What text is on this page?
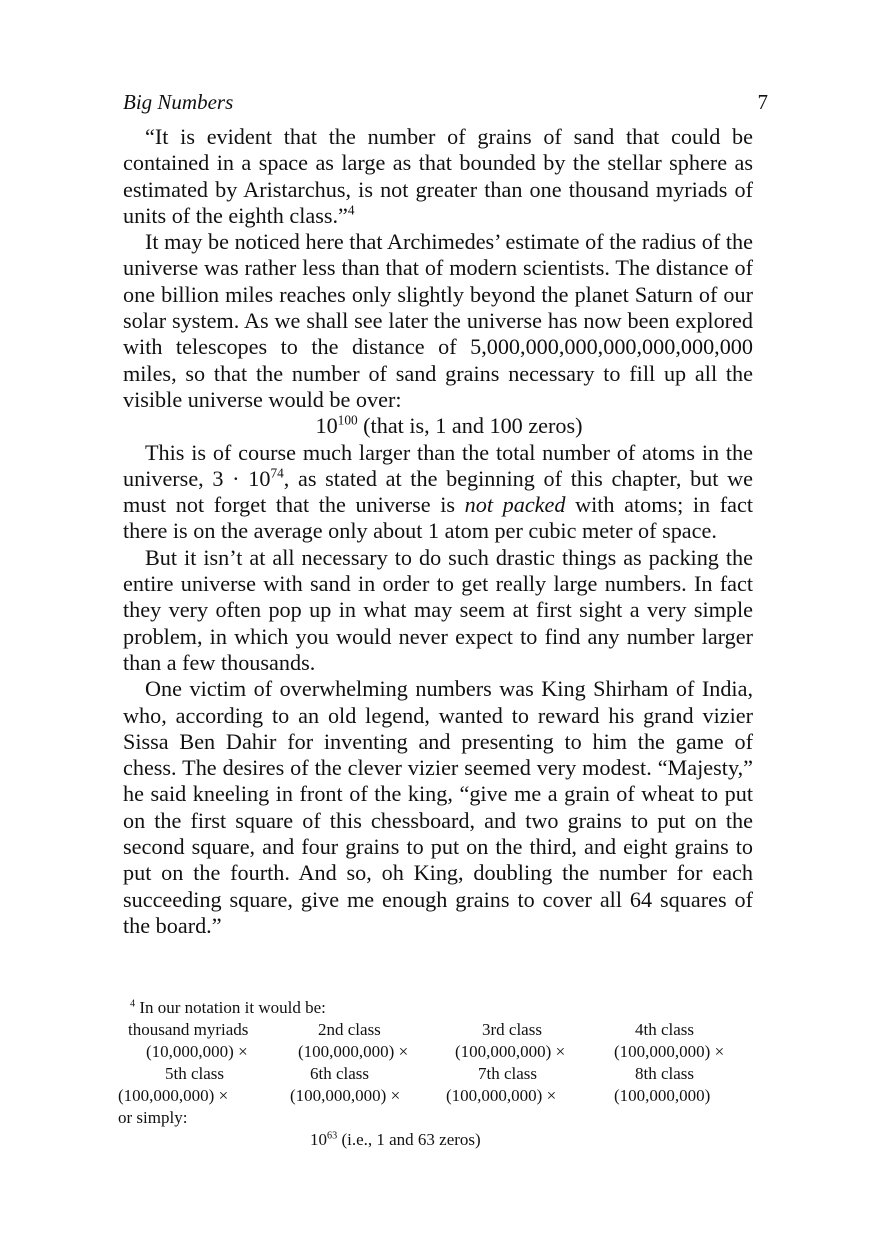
Big Numbers	7

“It is evident that the number of grains of sand that could be contained in a space as large as that bounded by the stellar sphere as estimated by Aristarchus, is not greater than one thousand myriads of units of the eighth class.”$^4$

It may be noticed here that Archimedes’ estimate of the radius of the universe was rather less than that of modern scientists. The distance of one billion miles reaches only slightly beyond the planet Saturn of our solar system. As we shall see later the universe has now been explored with telescopes to the distance of 5,000,000,000,000,000,000,000 miles, so that the number of sand grains necessary to fill up all the visible universe would be over:

$10^{100}$ (that is, 1 and 100 zeros)

This is of course much larger than the total number of atoms in the universe, $3 \cdot 10^{74}$, as stated at the beginning of this chapter, but we must not forget that the universe is not packed with atoms; in fact there is on the average only about 1 atom per cubic meter of space.

But it isn’t at all necessary to do such drastic things as packing the entire universe with sand in order to get really large numbers. In fact they very often pop up in what may seem at first sight a very simple problem, in which you would never expect to find any number larger than a few thousands.

One victim of overwhelming numbers was King Shirham of India, who, according to an old legend, wanted to reward his grand vizier Sissa Ben Dahir for inventing and presenting to him the game of chess. The desires of the clever vizier seemed very modest. “Majesty,” he said kneeling in front of the king, “give me a grain of wheat to put on the first square of this chessboard, and two grains to put on the second square, and four grains to put on the third, and eight grains to put on the fourth. And so, oh King, doubling the number for each succeeding square, give me enough grains to cover all 64 squares of the board.”

$^4$ In our notation it would be:
thousand myriads	2nd class	3rd class	4th class
(10,000,000) ×	(100,000,000) ×	(100,000,000) ×	(100,000,000) ×
5th class	6th class	7th class	8th class
(100,000,000) ×	(100,000,000) ×	(100,000,000) ×	(100,000,000)
or simply:
$10^{63}$ (i.e., 1 and 63 zeros)
